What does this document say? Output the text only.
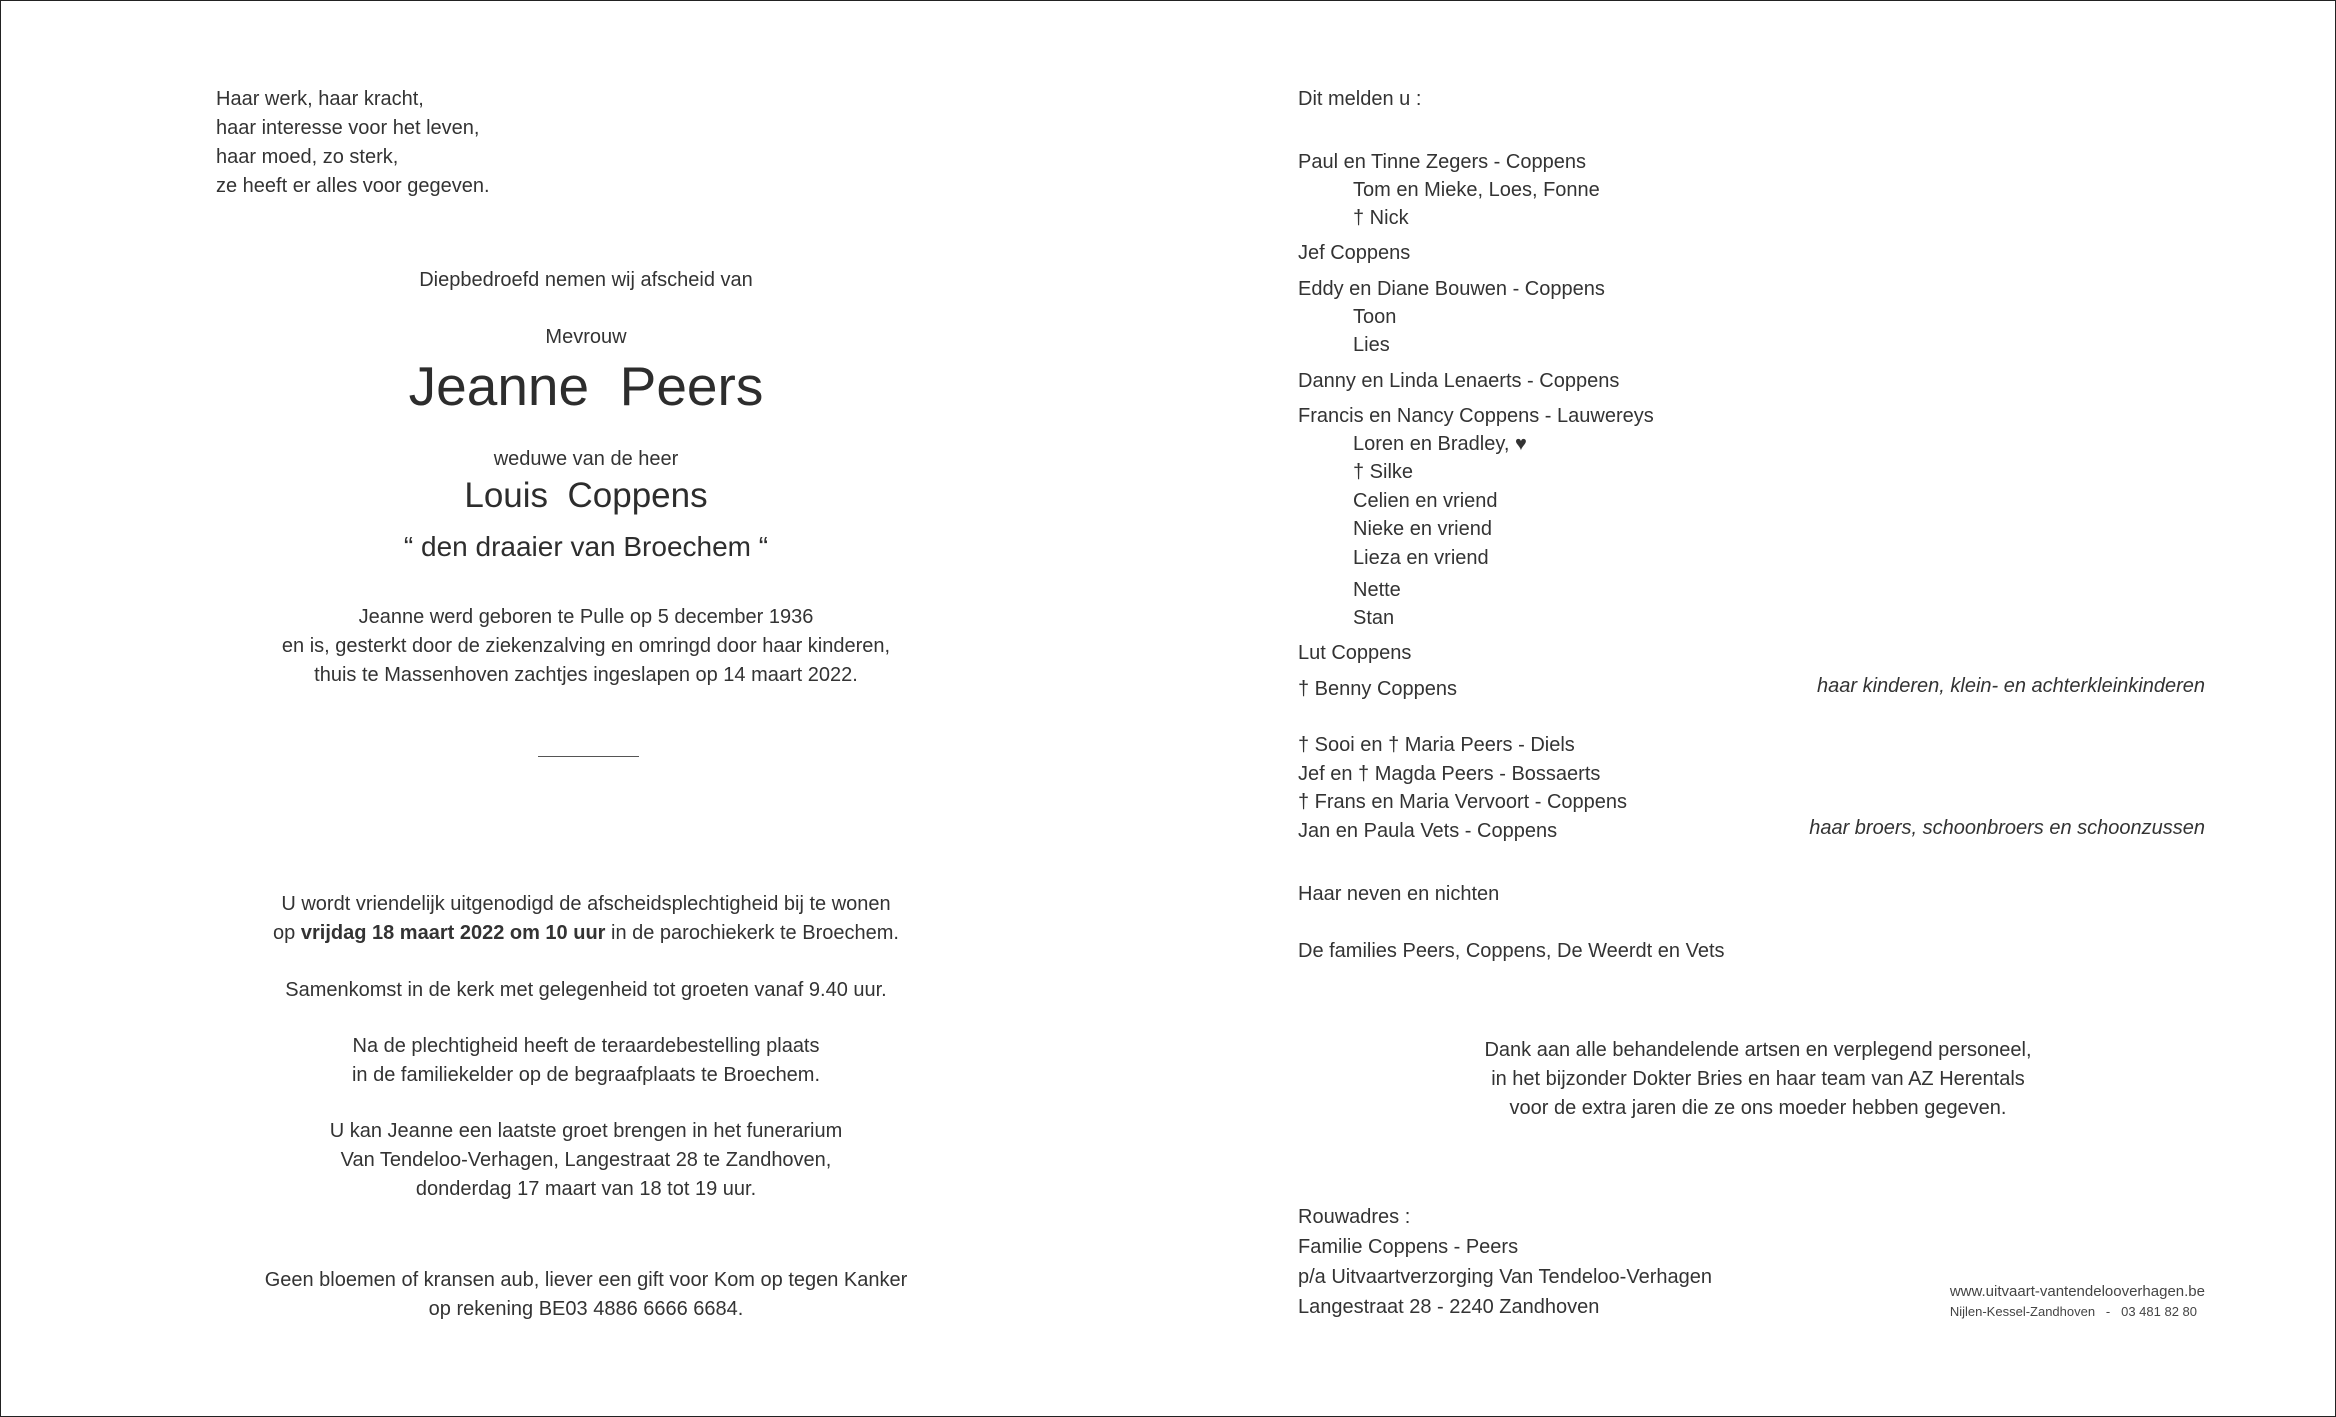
Haar werk, haar kracht,
haar interesse voor het leven,
haar moed, zo sterk,
ze heeft er alles voor gegeven.
Diepbedroefd nemen wij afscheid van
Mevrouw
Jeanne  Peers
weduwe van de heer
Louis  Coppens
“ den draaier van Broechem “
Jeanne werd geboren te Pulle op 5 december 1936
en is, gesterkt door de ziekenzalving en omringd door haar kinderen,
thuis te Massenhoven zachtjes ingeslapen op 14 maart 2022.
U wordt vriendelijk uitgenodigd de afscheidsplechtigheid bij te wonen
op vrijdag 18 maart 2022 om 10 uur in de parochiekerk te Broechem.
Samenkomst in de kerk met gelegenheid tot groeten vanaf 9.40 uur.
Na de plechtigheid heeft de teraardebestelling plaats
in de familiekelder op de begraafplaats te Broechem.
U kan Jeanne een laatste groet brengen in het funerarium
Van Tendeloo-Verhagen, Langestraat 28 te Zandhoven,
donderdag 17 maart van 18 tot 19 uur.
Geen bloemen of kransen aub, liever een gift voor Kom op tegen Kanker
op rekening BE03 4886 6666 6684.
Dit melden u :
Paul en Tinne Zegers - Coppens
Tom en Mieke, Loes, Fonne
† Nick
Jef Coppens
Eddy en Diane Bouwen - Coppens
Toon
Lies
Danny en Linda Lenaerts - Coppens
Francis en Nancy Coppens - Lauwereys
Loren en Bradley, ♥
† Silke
Celien en vriend
Nieke en vriend
Lieza en vriend
Nette
Stan
Lut Coppens
† Benny Coppens	haar kinderen, klein- en achterkleinkinderen
† Sooi en † Maria Peers - Diels
Jef en † Magda Peers - Bossaerts
† Frans en Maria Vervoort - Coppens
Jan en Paula Vets - Coppens	haar broers, schoonbroers en schoonzussen
Haar neven en nichten
De families Peers, Coppens, De Weerdt en Vets
Dank aan alle behandelende artsen en verplegend personeel,
in het bijzonder Dokter Bries en haar team van AZ Herentals
voor de extra jaren die ze ons moeder hebben gegeven.
Rouwadres :
Familie Coppens - Peers
p/a Uitvaartverzorging Van Tendeloo-Verhagen
Langestraat 28 - 2240 Zandhoven
www.uitvaart-vantendelooverhagen.be
Nijlen-Kessel-Zandhoven   -   03 481 82 80
